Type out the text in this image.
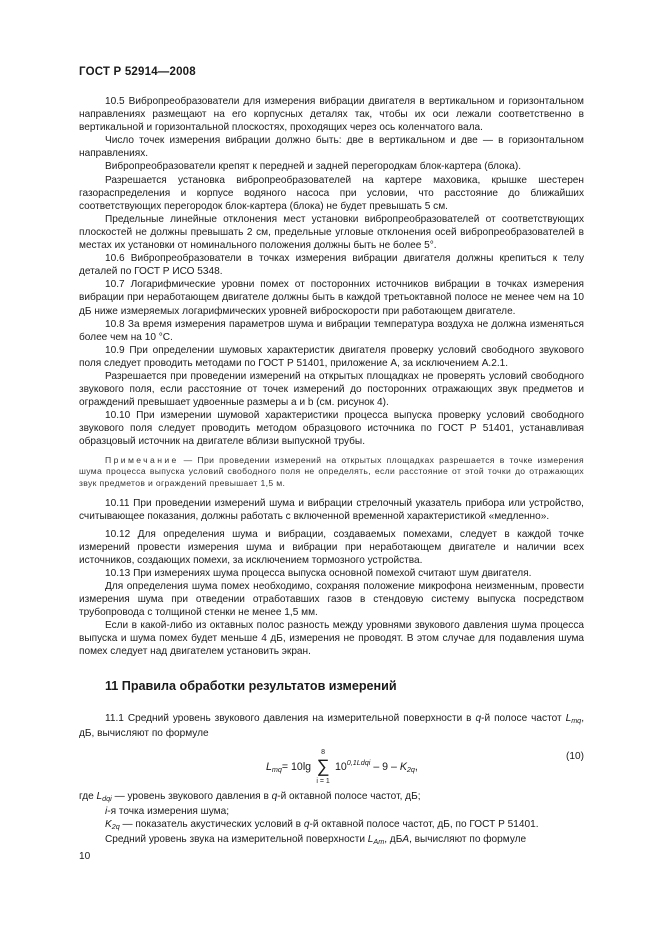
ГОСТ Р 52914—2008

10.5 Вибропреобразователи для измерения вибрации двигателя в вертикальном и горизонтальном направлениях размещают на его корпусных деталях так, чтобы их оси лежали соответственно в вертикальной и горизонтальной плоскостях, проходящих через ось коленчатого вала.

Число точек измерения вибрации должно быть: две в вертикальном и две — в горизонтальном направлениях.

Вибропреобразователи крепят к передней и задней перегородкам блок-картера (блока).

Разрешается установка вибропреобразователей на картере маховика, крышке шестерен газораспределения и корпусе водяного насоса при условии, что расстояние до ближайших соответствующих перегородок блок-картера (блока) не будет превышать 5 см.

Предельные линейные отклонения мест установки вибропреобразователей от соответствующих плоскостей не должны превышать 2 см, предельные угловые отклонения осей вибропреобразователей в местах их установки от номинального положения должны быть не более 5°.

10.6 Вибропреобразователи в точках измерения вибрации двигателя должны крепиться к телу деталей по ГОСТ Р ИСО 5348.

10.7 Логарифмические уровни помех от посторонних источников вибрации в точках измерения вибрации при неработающем двигателе должны быть в каждой третьоктавной полосе не менее чем на 10 дБ ниже измеряемых логарифмических уровней виброскорости при работающем двигателе.

10.8 За время измерения параметров шума и вибрации температура воздуха не должна изменяться более чем на 10 °С.

10.9 При определении шумовых характеристик двигателя проверку условий свободного звукового поля следует проводить методами по ГОСТ Р 51401, приложение А, за исключением А.2.1.

Разрешается при проведении измерений на открытых площадках не проверять условий свободного звукового поля, если расстояние от точек измерений до посторонних отражающих звук предметов и ограждений превышает удвоенные размеры a и b (см. рисунок 4).

10.10 При измерении шумовой характеристики процесса выпуска проверку условий свободного звукового поля следует проводить методом образцового источника по ГОСТ Р 51401, устанавливая образцовый источник на двигателе вблизи выпускной трубы.

Примечание — При проведении измерений на открытых площадках разрешается в точке измерения шума процесса выпуска условий свободного поля не определять, если расстояние от этой точки до отражающих звук предметов и ограждений превышает 1,5 м.

10.11 При проведении измерений шума и вибрации стрелочный указатель прибора или устройство, считывающее показания, должны работать с включенной временной характеристикой «медленно».

10.12 Для определения шума и вибрации, создаваемых помехами, следует в каждой точке измерений провести измерения шума и вибрации при неработающем двигателе и наличии всех источников, создающих помехи, за исключением тормозного устройства.

10.13 При измерениях шума процесса выпуска основной помехой считают шум двигателя.

Для определения шума помех необходимо, сохраняя положение микрофона неизменным, провести измерения шума при отведении отработавших газов в стендовую систему выпуска посредством трубопровода с толщиной стенки не менее 1,5 мм.

Если в какой-либо из октавных полос разность между уровнями звукового давления шума процесса выпуска и шума помех будет меньше 4 дБ, измерения не проводят. В этом случае для подавления шума помех следует над двигателем установить экран.

11 Правила обработки результатов измерений

11.1 Средний уровень звукового давления на измерительной поверхности в q-й полосе частот $L_{mq}$, дБ, вычисляют по формуле

$L_{mq}= 10\lg$
8
∑
i = 1
$10^{0,1Ldqi} - 9 - K_{2q}$,
(10)

где $L_{dqi}$ — уровень звукового давления в q-й октавной полосе частот, дБ;

i-я точка измерения шума;

$K_{2q}$ — показатель акустических условий в q-й октавной полосе частот, дБ, по ГОСТ Р 51401.

Средний уровень звука на измерительной поверхности $L_{Am}$, дБА, вычисляют по формуле

10
